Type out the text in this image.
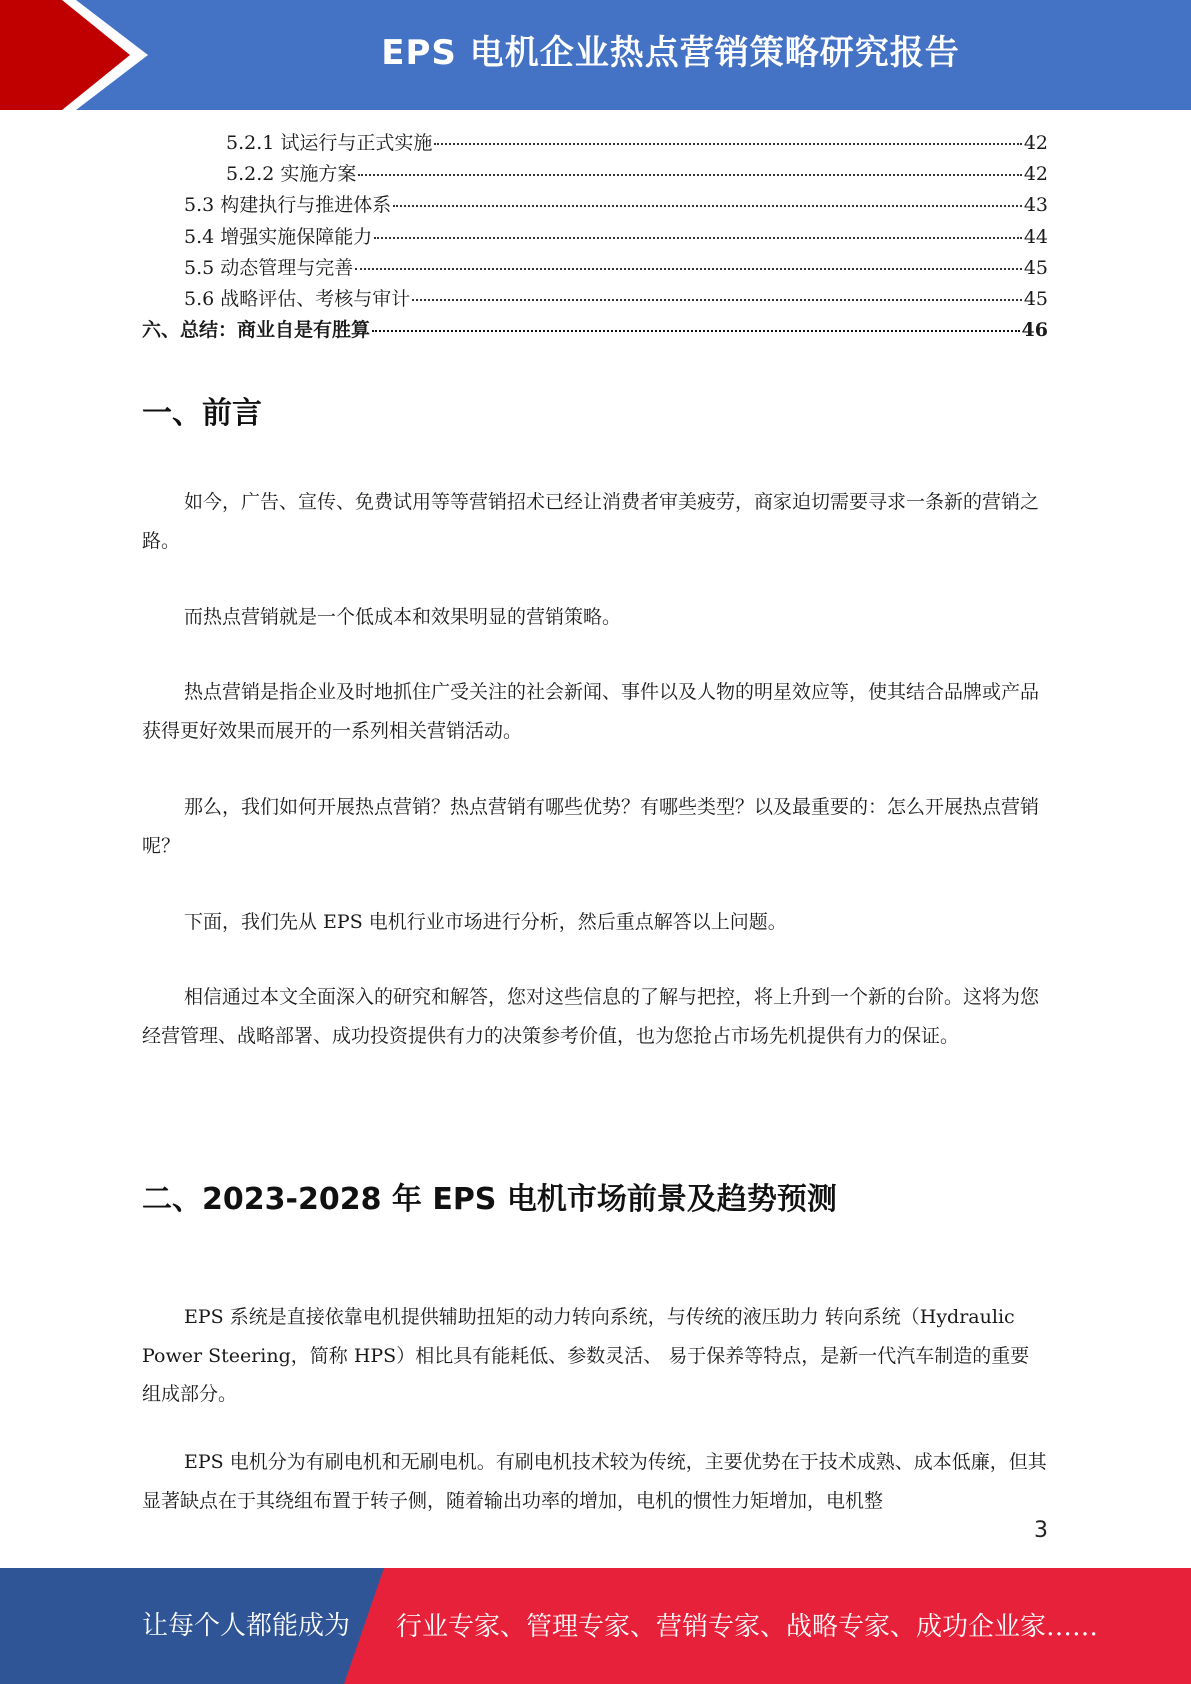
EPS 电机企业热点营销策略研究报告
5.2.1 试运行与正式实施	42
5.2.2 实施方案	42
5.3 构建执行与推进体系	43
5.4 增强实施保障能力	44
5.5 动态管理与完善	45
5.6 战略评估、考核与审计	45
六、总结：商业自是有胜算	46
一、前言

如今，广告、宣传、免费试用等等营销招术已经让消费者审美疲劳，商家迫切需要寻求一条新的营销之路。

而热点营销就是一个低成本和效果明显的营销策略。

热点营销是指企业及时地抓住广受关注的社会新闻、事件以及人物的明星效应等，使其结合品牌或产品获得更好效果而展开的一系列相关营销活动。

那么，我们如何开展热点营销？热点营销有哪些优势？有哪些类型？以及最重要的：怎么开展热点营销呢？

下面，我们先从 EPS 电机行业市场进行分析，然后重点解答以上问题。

相信通过本文全面深入的研究和解答，您对这些信息的了解与把控，将上升到一个新的台阶。这将为您经营管理、战略部署、成功投资提供有力的决策参考价值，也为您抢占市场先机提供有力的保证。

二、2023-2028 年 EPS 电机市场前景及趋势预测

EPS 系统是直接依靠电机提供辅助扭矩的动力转向系统，与传统的液压助力 转向系统（Hydraulic Power Steering，简称 HPS）相比具有能耗低、参数灵活、 易于保养等特点，是新一代汽车制造的重要组成部分。

EPS 电机分为有刷电机和无刷电机。有刷电机技术较为传统，主要优势在于技术成熟、成本低廉，但其显著缺点在于其绕组布置于转子侧，随着输出功率的增加，电机的惯性力矩增加，电机整

3
让每个人都能成为 行业专家、管理专家、营销专家、战略专家、成功企业家……
